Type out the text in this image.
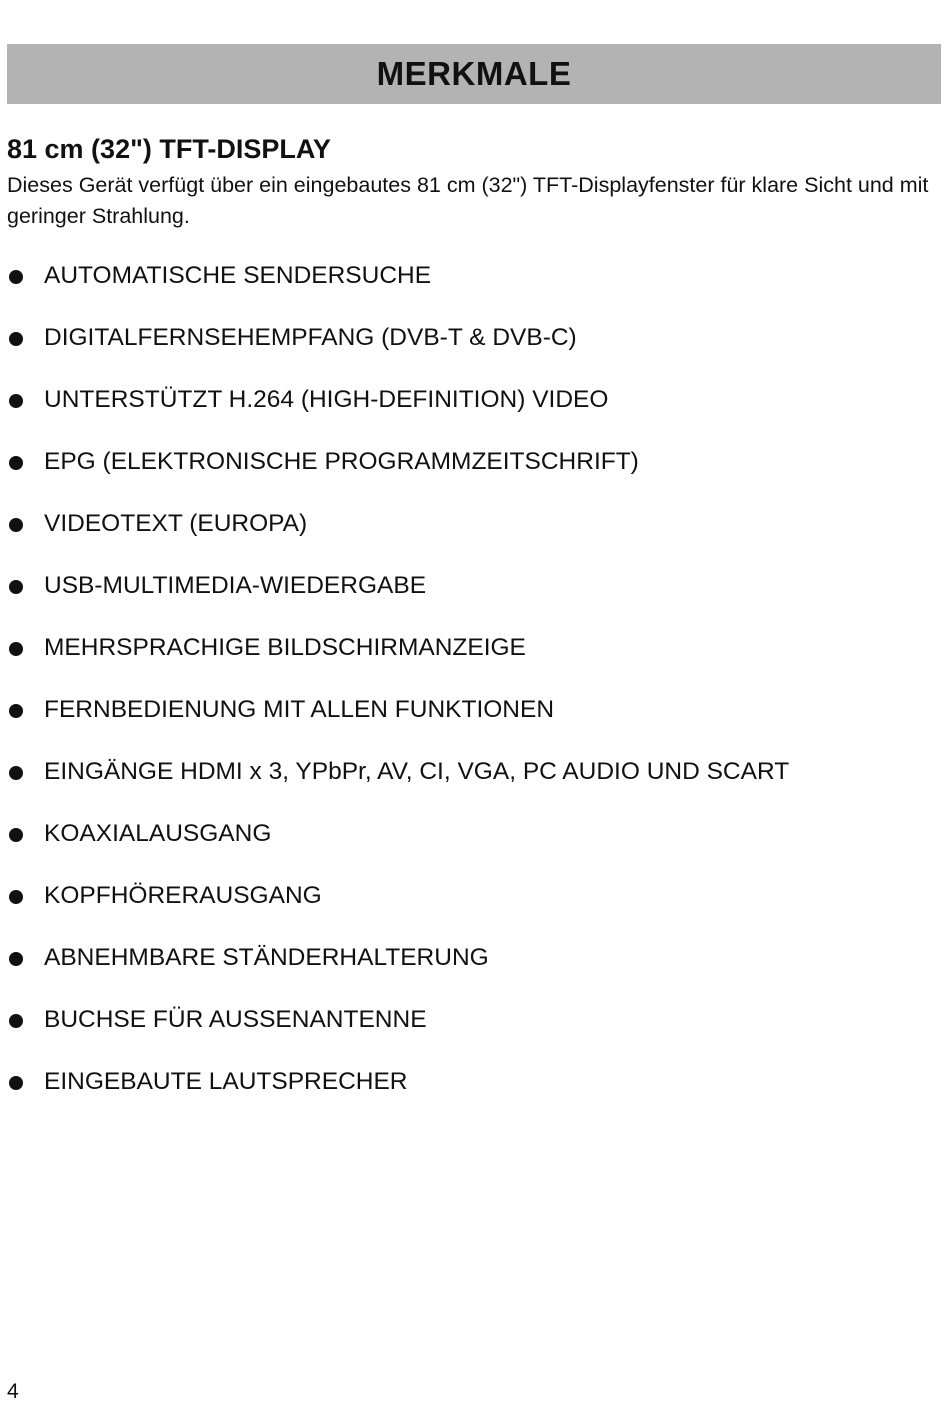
MERKMALE
81 cm (32") TFT-DISPLAY

Dieses Gerät verfügt über ein eingebautes 81 cm (32") TFT-Displayfenster für klare Sicht und mit geringer Strahlung.

AUTOMATISCHE SENDERSUCHE
DIGITALFERNSEHEMPFANG (DVB-T & DVB-C)
UNTERSTÜTZT H.264 (HIGH-DEFINITION) VIDEO
EPG (ELEKTRONISCHE PROGRAMMZEITSCHRIFT)
VIDEOTEXT (EUROPA)
USB-MULTIMEDIA-WIEDERGABE
MEHRSPRACHIGE BILDSCHIRMANZEIGE
FERNBEDIENUNG MIT ALLEN FUNKTIONEN
EINGÄNGE HDMI x 3, YPbPr, AV, CI, VGA, PC AUDIO UND SCART
KOAXIALAUSGANG
KOPFHÖRERAUSGANG
ABNEHMBARE STÄNDERHALTERUNG
BUCHSE FÜR AUSSENANTENNE
EINGEBAUTE LAUTSPRECHER
4
